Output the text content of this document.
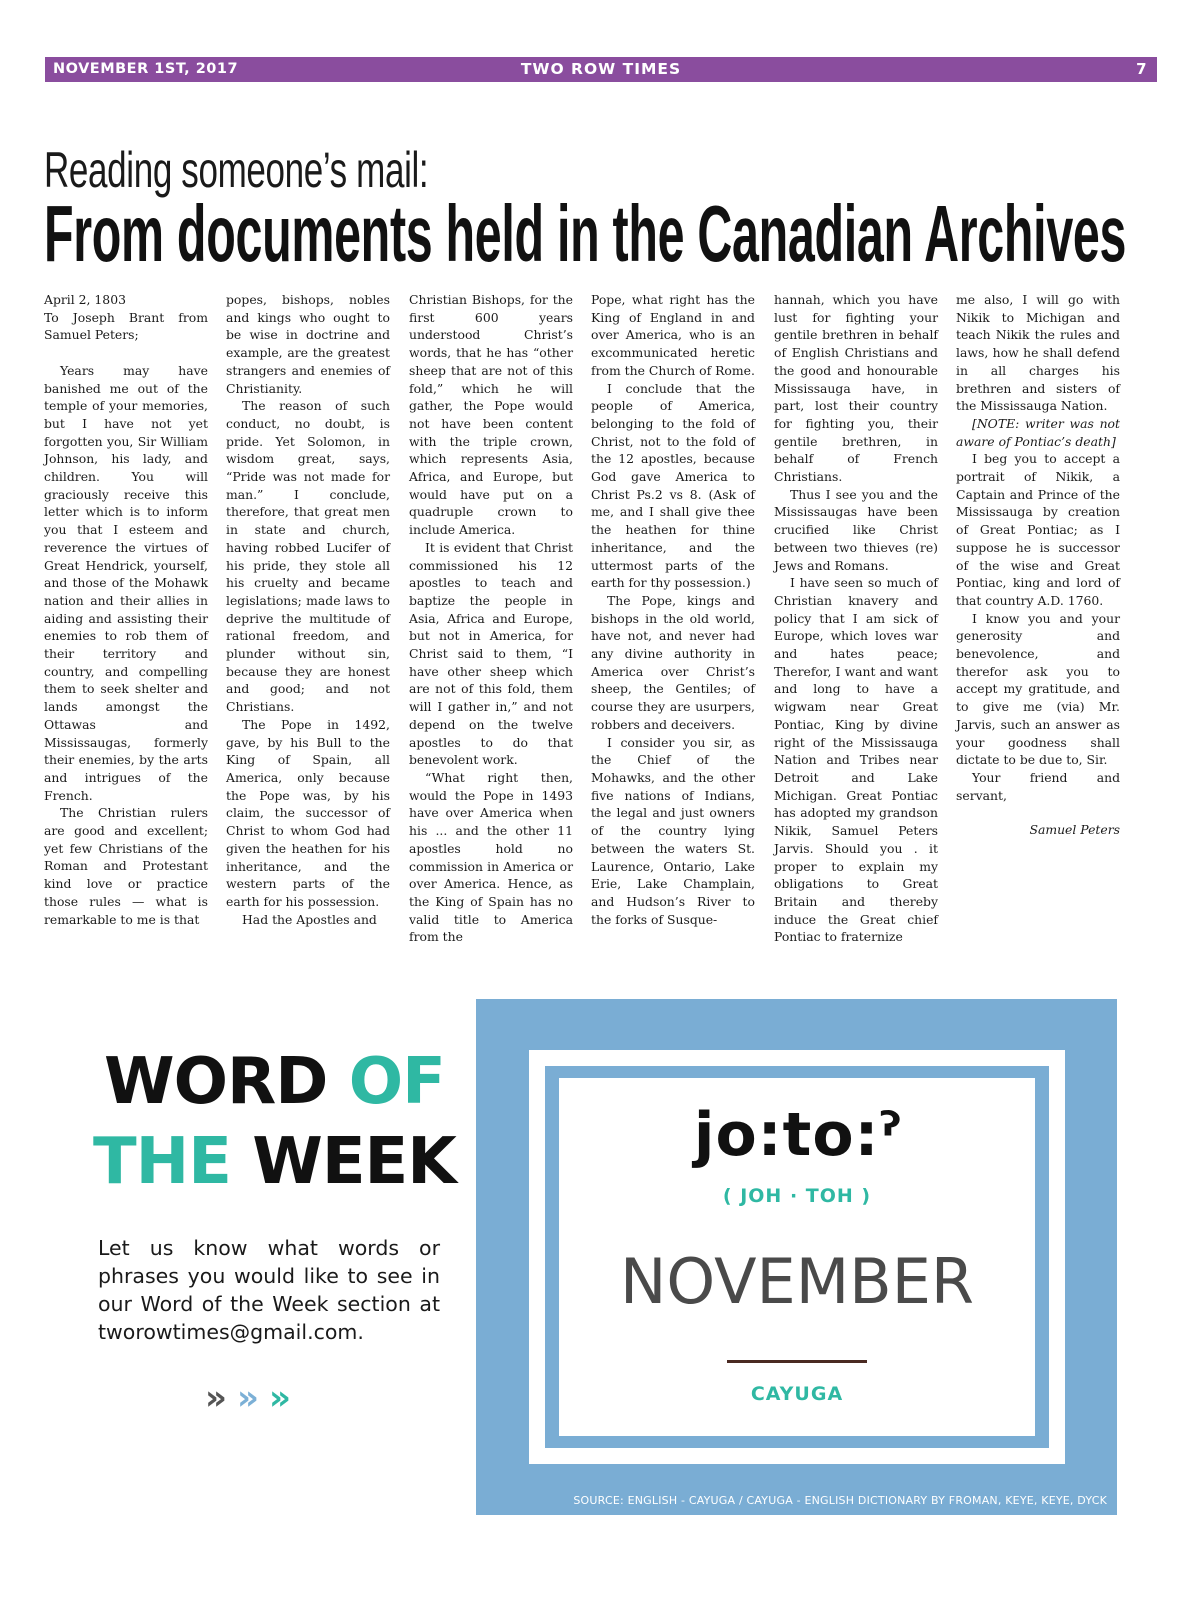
NOVEMBER 1ST, 2017	TWO ROW TIMES	7
Reading someone’s mail:
From documents held in the Canadian Archives

April 2, 1803

To Joseph Brant from Samuel Peters;

Years may have banished me out of the temple of your memories, but I have not yet forgotten you, Sir William Johnson, his lady, and children. You will graciously receive this letter which is to inform you that I esteem and reverence the virtues of Great Hendrick, yourself, and those of the Mohawk nation and their allies in aiding and assisting their enemies to rob them of their territory and country, and compelling them to seek shelter and lands amongst the Ottawas and Mississaugas, formerly their enemies, by the arts and intrigues of the French.

The Christian rulers are good and excellent; yet few Christians of the Roman and Protestant kind love or practice those rules — what is remarkable to me is that

popes, bishops, nobles and kings who ought to be wise in doctrine and example, are the greatest strangers and enemies of Christianity.

The reason of such conduct, no doubt, is pride. Yet Solomon, in wisdom great, says, “Pride was not made for man.” I conclude, therefore, that great men in state and church, having robbed Lucifer of his pride, they stole all his cruelty and became legislations; made laws to deprive the multitude of rational freedom, and plunder without sin, because they are honest and good; and not Christians.

The Pope in 1492, gave, by his Bull to the King of Spain, all America, only because the Pope was, by his claim, the successor of Christ to whom God had given the heathen for his inheritance, and the western parts of the earth for his possession.

Had the Apostles and

Christian Bishops, for the first 600 years understood Christ’s words, that he has “other sheep that are not of this fold,” which he will gather, the Pope would not have been content with the triple crown, which represents Asia, Africa, and Europe, but would have put on a quadruple crown to include America.

It is evident that Christ commissioned his 12 apostles to teach and baptize the people in Asia, Africa and Europe, but not in America, for Christ said to them, “I have other sheep which are not of this fold, them will I gather in,” and not depend on the twelve apostles to do that benevolent work.

“What right then, would the Pope in 1493 have over America when his ... and the other 11 apostles hold no commission in America or over America. Hence, as the King of Spain has no valid title to America from the

Pope, what right has the King of England in and over America, who is an excommunicated heretic from the Church of Rome.

I conclude that the people of America, belonging to the fold of Christ, not to the fold of the 12 apostles, because God gave America to Christ Ps.2 vs 8. (Ask of me, and I shall give thee the heathen for thine inheritance, and the uttermost parts of the earth for thy possession.)

The Pope, kings and bishops in the old world, have not, and never had any divine authority in America over Christ’s sheep, the Gentiles; of course they are usurpers, robbers and deceivers.

I consider you sir, as the Chief of the Mohawks, and the other five nations of Indians, the legal and just owners of the country lying between the waters St. Laurence, Ontario, Lake Erie, Lake Champlain, and Hudson’s River to the forks of Susque-

hannah, which you have lust for fighting your gentile brethren in behalf of English Christians and the good and honourable Mississauga have, in part, lost their country for fighting you, their gentile brethren, in behalf of French Christians.

Thus I see you and the Mississaugas have been crucified like Christ between two thieves (re) Jews and Romans.

I have seen so much of Christian knavery and policy that I am sick of Europe, which loves war and hates peace; Therefor, I want and want and long to have a wigwam near Great Pontiac, King by divine right of the Mississauga Nation and Tribes near Detroit and Lake Michigan. Great Pontiac has adopted my grandson Nikik, Samuel Peters Jarvis. Should you . it proper to explain my obligations to Great Britain and thereby induce the Great chief Pontiac to fraternize

me also, I will go with Nikik to Michigan and teach Nikik the rules and laws, how he shall defend in all charges his brethren and sisters of the Mississauga Nation.

[NOTE: writer was not aware of Pontiac’s death]

I beg you to accept a portrait of Nikik, a Captain and Prince of the Mississauga by creation of Great Pontiac; as I suppose he is successor of the wise and Great Pontiac, king and lord of that country A.D. 1760.

I know you and your generosity and benevolence, and therefor ask you to accept my gratitude, and to give me (via) Mr. Jarvis, such an answer as your goodness shall dictate to be due to, Sir.

Your friend and servant,

Samuel Peters

WORD OF
THE WEEK
Let us know what words or phrases you would like to see in our Word of the Week section at tworowtimes@gmail.com.
»»»
jo:to:ˀ
( JOH · TOH )
NOVEMBER
CAYUGA
SOURCE: ENGLISH - CAYUGA / CAYUGA - ENGLISH DICTIONARY BY FROMAN, KEYE, KEYE, DYCK
